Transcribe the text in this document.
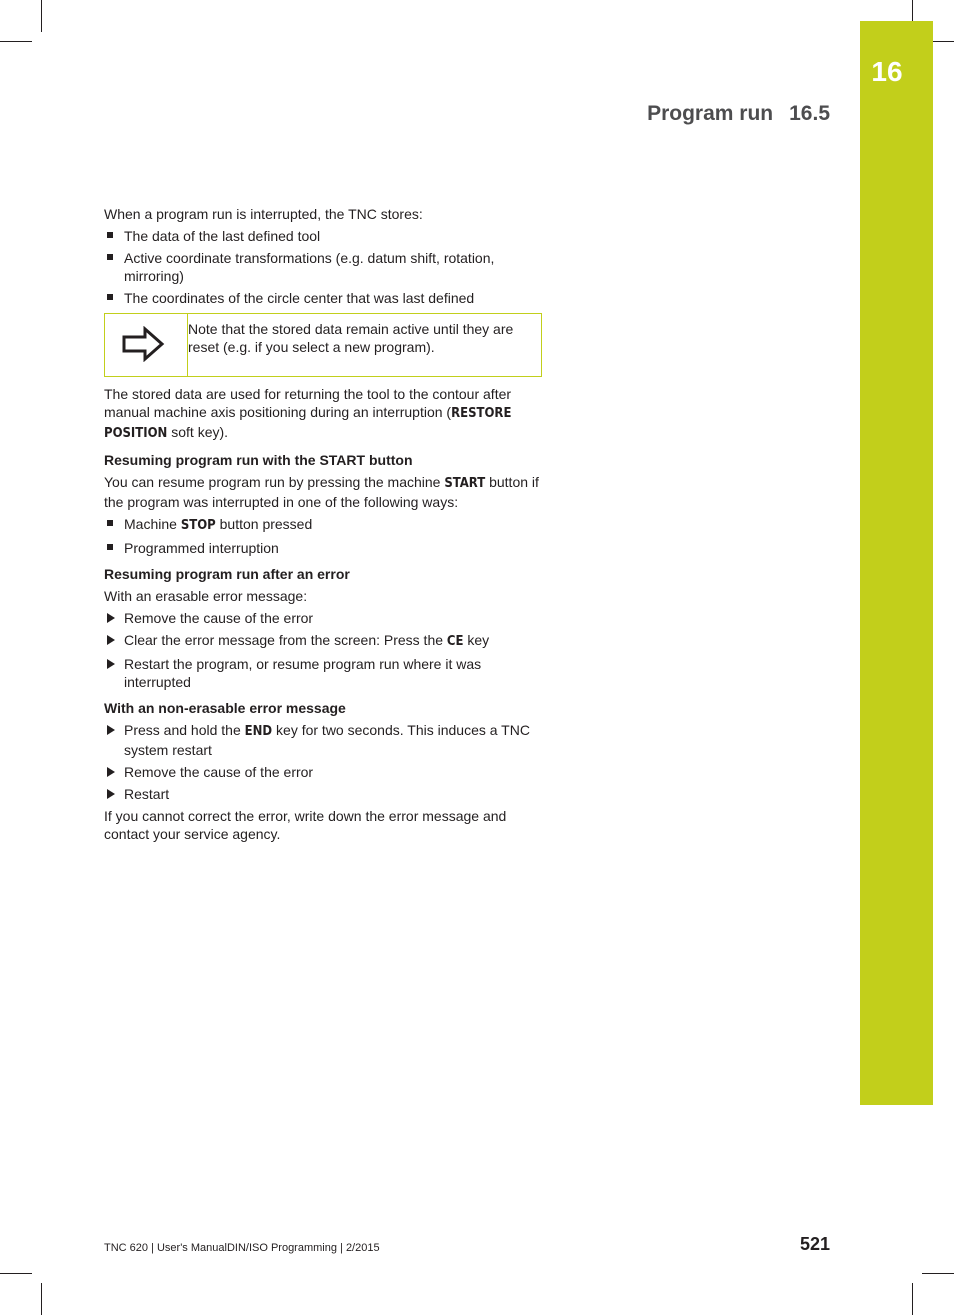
16
Program run 16.5

When a program run is interrupted, the TNC stores:

The data of the last defined tool
Active coordinate transformations (e.g. datum shift, rotation, mirroring)
The coordinates of the circle center that was last defined
Note that the stored data remain active until they are reset (e.g. if you select a new program).

The stored data are used for returning the tool to the contour after manual machine axis positioning during an interruption (RESTORE POSITION soft key).

Resuming program run with the START button

You can resume program run by pressing the machine START button if the program was interrupted in one of the following ways:

Machine STOP button pressed
Programmed interruption
Resuming program run after an error

With an erasable error message:

Remove the cause of the error
Clear the error message from the screen: Press the CE key
Restart the program, or resume program run where it was interrupted
With an non-erasable error message
Press and hold the END key for two seconds. This induces a TNC system restart
Remove the cause of the error
Restart

If you cannot correct the error, write down the error message and contact your service agency.

TNC 620 | User's ManualDIN/ISO Programming | 2/2015	521
